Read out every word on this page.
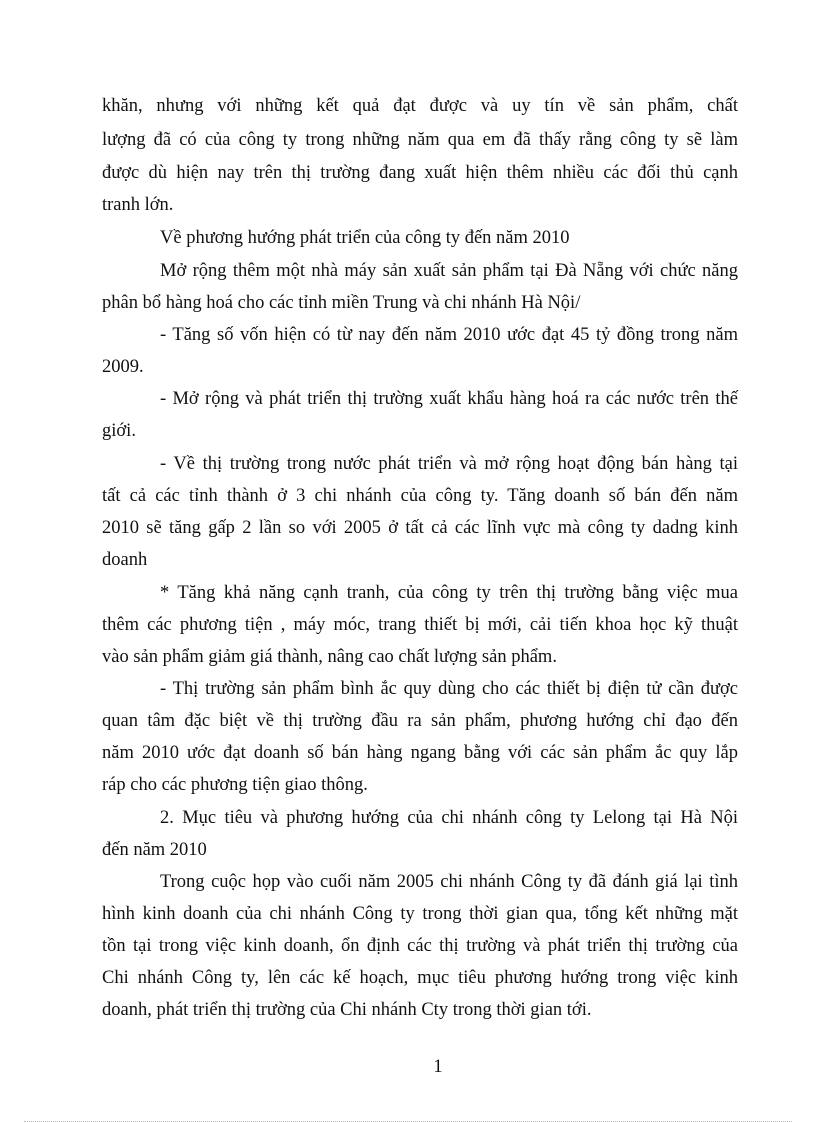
khăn, nhưng với những kết quả đạt được và uy tín về sản phẩm, chất
lượng đã có của công ty trong những năm qua em đã thấy rằng công ty sẽ làm
được dù hiện nay trên thị trường đang xuất hiện thêm nhiều các đối thủ cạnh
tranh lớn.
Về phương hướng phát triển của công ty đến năm 2010
Mở rộng thêm một nhà máy sản xuất sản phẩm tại Đà Nẵng với chức năng
phân bổ hàng hoá cho các tỉnh miền Trung và chi nhánh Hà Nội/
- Tăng số vốn hiện có từ nay đến năm 2010 ước đạt 45 tỷ đồng trong năm
2009.
- Mở rộng và phát triển thị trường xuất khẩu hàng hoá ra các nước trên thế
giới.
- Về thị trường trong nước phát triển và mở rộng hoạt động bán hàng tại
tất cả các tỉnh thành ở 3 chi nhánh của công ty. Tăng doanh số bán đến năm
2010 sẽ tăng gấp 2 lần so với 2005 ở tất cả các lĩnh vực mà công ty dadng kinh
doanh
* Tăng khả năng cạnh tranh, của công ty trên thị trường bằng việc mua
thêm các phương tiện , máy móc, trang thiết bị mới, cải tiến khoa học kỹ thuật
vào sản phẩm giảm giá thành, nâng cao chất lượng sản phẩm.
- Thị trường sản phẩm bình ắc quy dùng cho các thiết bị điện tử cần được
quan tâm đặc biệt về thị trường đầu ra sản phẩm, phương hướng chỉ đạo đến
năm 2010 ước đạt doanh số bán hàng ngang bằng với các sản phẩm ắc quy lắp
ráp cho các phương tiện giao thông.
2. Mục tiêu và phương hướng của chi nhánh công ty Lelong tại Hà Nội
đến năm 2010
Trong cuộc họp vào cuối năm 2005 chi nhánh Công ty đã đánh giá lại tình
hình kinh doanh của chi nhánh Công ty trong thời gian qua, tổng kết những mặt
tồn tại trong việc kinh doanh, ổn định các thị trường và phát triển thị trường của
Chi nhánh Công ty, lên các kế hoạch, mục tiêu phương hướng trong việc kinh
doanh, phát triển thị trường của Chi nhánh Cty trong thời gian tới.
1
